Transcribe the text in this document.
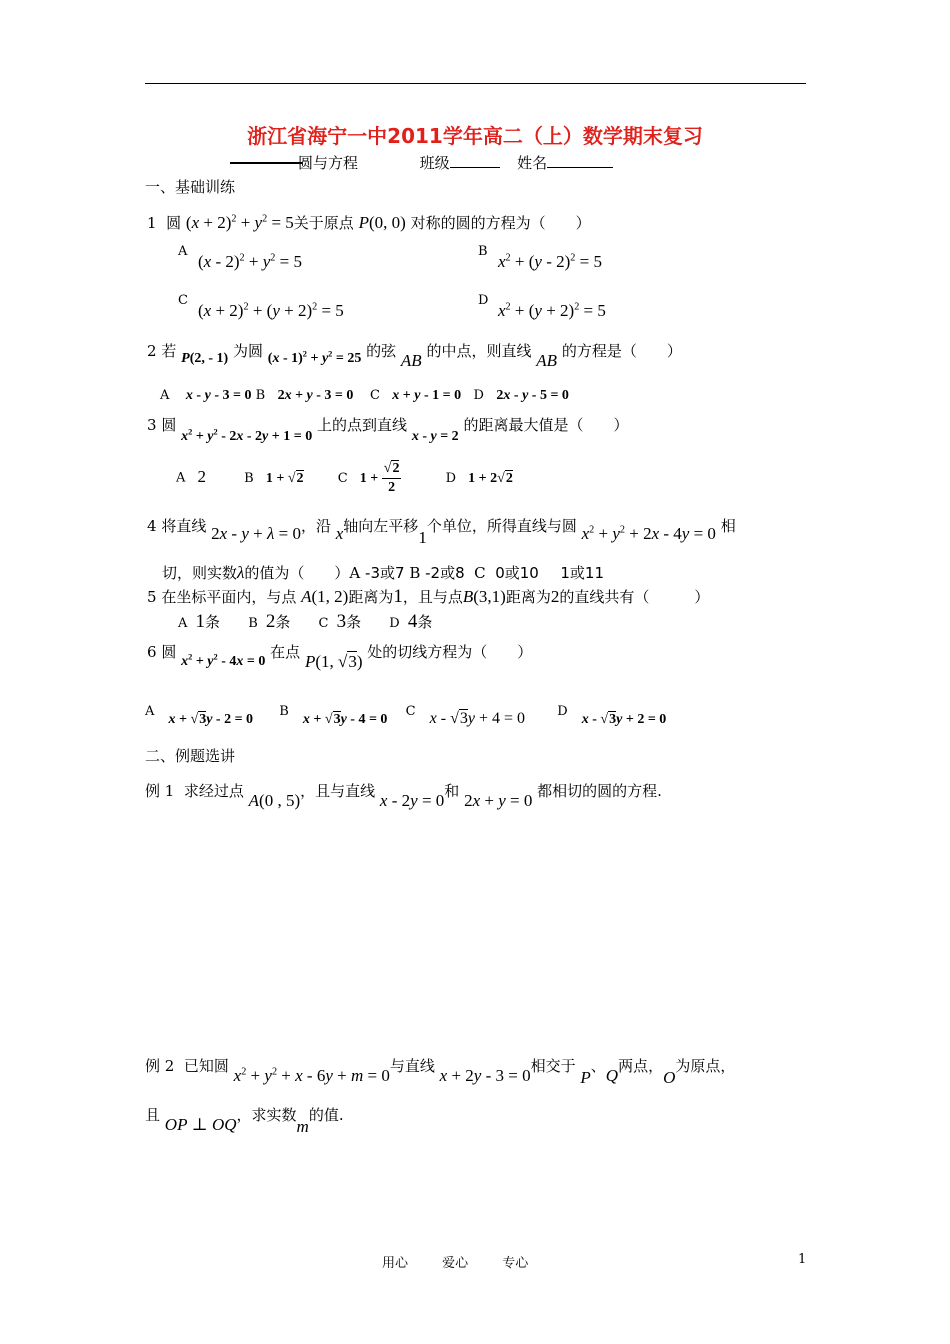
浙江省海宁一中2011学年高二（上）数学期末复习
圆与方程	班级	姓名
一、基础训练
1 圆 $(x + 2)^2 + y^2 = 5$关于原点 P(0, 0) 对称的圆的方程为（　　）
A
$(x - 2)^2 + y^2 = 5$
B
$x^2 + (y - 2)^2 = 5$
C
$(x + 2)^2 + (y + 2)^2 = 5$
D
$x^2 + (y + 2)^2 = 5$
2 若 P(2, - 1) 为圆 $(x - 1)^2 + y^2 = 25$ 的弦 AB 的中点，则直线 AB 的方程是（　　）
A x - y - 3 = 0 B 2x + y - 3 = 0 C x + y - 1 = 0 D 2x - y - 5 = 0
3 圆 $x^2 + y^2 - 2x - 2y + 1 = 0$ 上的点到直线 x - y = 2 的距离最大值是（　　）
A 2	B 1 + √2	C $1 + \frac{√2}{2}$	D 1 + 2√2
4 将直线 2x - y + λ = 0，沿 x轴向左平移1个单位，所得直线与圆 $x^2 + y^2 + 2x - 4y = 0$ 相
切，则实数λ的值为（　　）A -3或7 B -2或8 C 0或10 1或11
5 在坐标平面内，与点 A(1, 2)距离为1，且与点B(3,1)距离为2的直线共有（　　　）
A 1条 B 2条 C 3条 D 4条
6 圆 $x^2 + y^2 - 4x = 0$ 在点 P(1, √3) 处的切线方程为（　　）
A x + √3y - 2 = 0 B x + √3y - 4 = 0 C x - √3y + 4 = 0 D x - √3y + 2 = 0
二、例题选讲
例 1 求经过点 A(0 , 5)，且与直线 x - 2y = 0和 2x + y = 0 都相切的圆的方程.
例 2 已知圆 $x^2 + y^2 + x - 6y + m = 0$与直线 x + 2y - 3 = 0相交于 P、Q两点，O为原点，
且 OP ⊥ OQ，求实数m的值.
用心 爱心 专心	1
